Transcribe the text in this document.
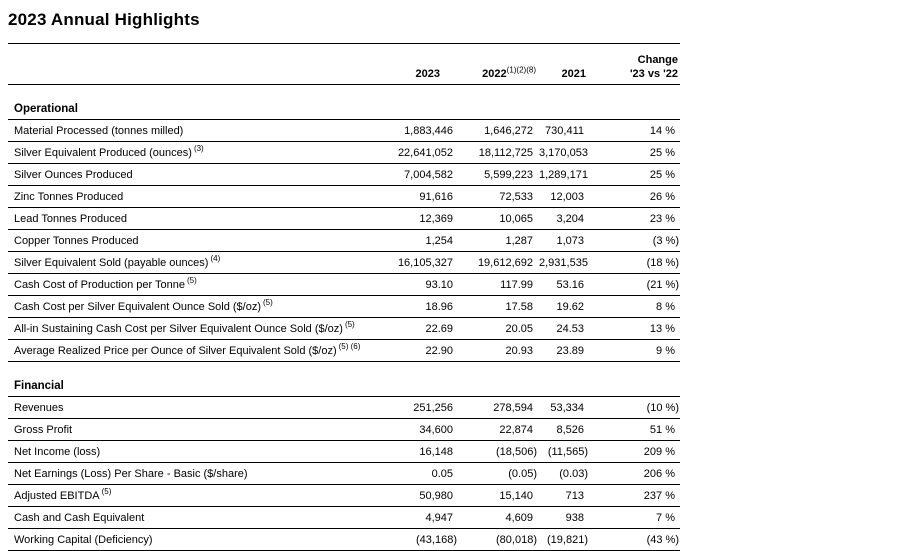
2023 Annual Highlights
	2023	$2022^{(1)(2)(8)}$	2021	Change
'23 vs '22

Operational				
Material Processed (tonnes milled)	1,883,446	1,646,272	730,411	14 %
Silver Equivalent Produced (ounces) $^{(3)}$	22,641,052	18,112,725	3,170,053	25 %
Silver Ounces Produced	7,004,582	5,599,223	1,289,171	25 %
Zinc Tonnes Produced	91,616	72,533	12,003	26 %
Lead Tonnes Produced	12,369	10,065	3,204	23 %
Copper Tonnes Produced	1,254	1,287	1,073	(3 %)
Silver Equivalent Sold (payable ounces) $^{(4)}$	16,105,327	19,612,692	2,931,535	(18 %)
Cash Cost of Production per Tonne $^{(5)}$	93.10	117.99	53.16	(21 %)
Cash Cost per Silver Equivalent Ounce Sold ($/oz) $^{(5)}$	18.96	17.58	19.62	8 %
All-in Sustaining Cash Cost per Silver Equivalent Ounce Sold ($/oz) $^{(5)}$	22.69	20.05	24.53	13 %
Average Realized Price per Ounce of Silver Equivalent Sold ($/oz) $^{(5) (6)}$	22.90	20.93	23.89	9 %
Financial				
Revenues	251,256	278,594	53,334	(10 %)
Gross Profit	34,600	22,874	8,526	51 %
Net Income (loss)	16,148	(18,506)	(11,565)	209 %
Net Earnings (Loss) Per Share - Basic ($/share)	0.05	(0.05)	(0.03)	206 %
Adjusted EBITDA $^{(5)}$	50,980	15,140	713	237 %
Cash and Cash Equivalent	4,947	4,609	938	7 %
Working Capital (Deficiency)	(43,168)	(80,018)	(19,821)	(43 %)
